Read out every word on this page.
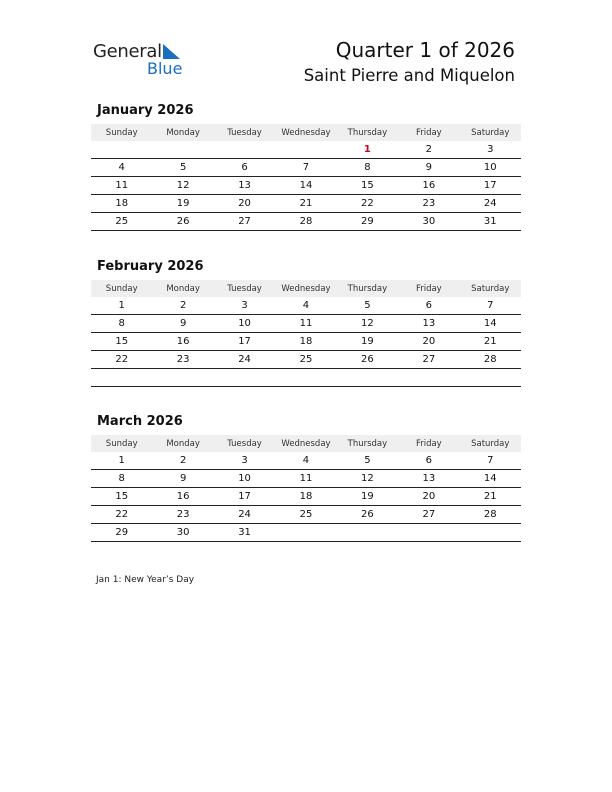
General
Blue
Quarter 1 of 2026
Saint Pierre and Miquelon
January 2026
Sunday	Monday	Tuesday	Wednesday	Thursday	Friday	Saturday
				1	2	3
4	5	6	7	8	9	10
11	12	13	14	15	16	17
18	19	20	21	22	23	24
25	26	27	28	29	30	31
February 2026
Sunday	Monday	Tuesday	Wednesday	Thursday	Friday	Saturday
1	2	3	4	5	6	7
8	9	10	11	12	13	14
15	16	17	18	19	20	21
22	23	24	25	26	27	28

March 2026
Sunday	Monday	Tuesday	Wednesday	Thursday	Friday	Saturday
1	2	3	4	5	6	7
8	9	10	11	12	13	14
15	16	17	18	19	20	21
22	23	24	25	26	27	28
29	30	31				
Jan 1: New Year’s Day
